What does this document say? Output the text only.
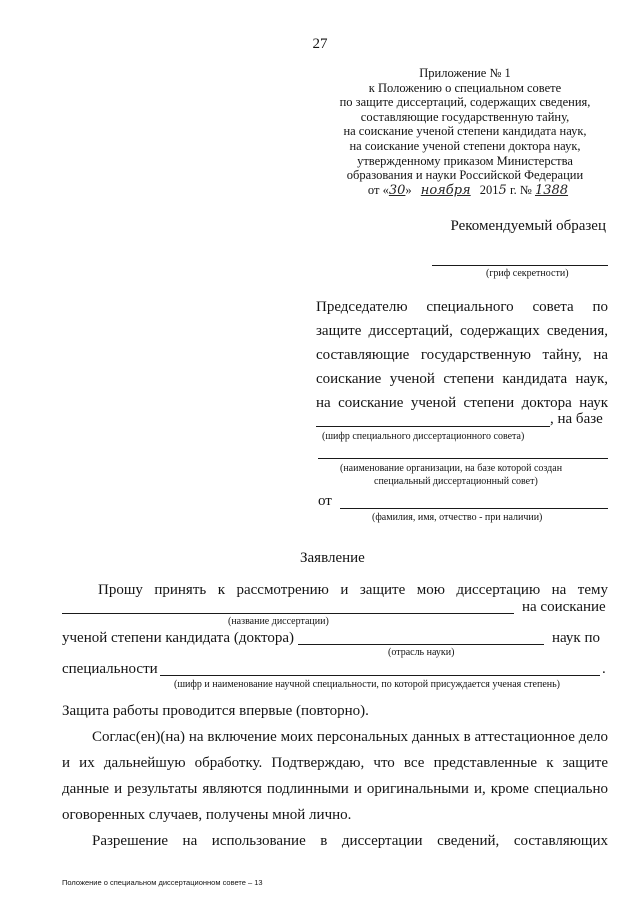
27
Приложение № 1
к Положению о специальном совете
по защите диссертаций, содержащих сведения,
составляющие государственную тайну,
на соискание ученой степени кандидата наук,
на соискание ученой степени доктора наук,
утвержденному приказом Министерства
образования и науки Российской Федерации
от «30» ноября 2015 г. № 1388
Рекомендуемый образец
(гриф секретности)
Председателю специального совета по
защите диссертаций, содержащих сведения,
составляющие государственную тайну, на
соискание ученой степени кандидата наук,
на соискание ученой степени доктора наук
, на базе
(шифр специального диссертационного совета)
(наименование организации, на базе которой создан
специальный диссертационный совет)
от
(фамилия, имя, отчество - при наличии)
Заявление
Прошу принять к рассмотрению и защите мою диссертацию на тему
на соискание
(название диссертации)
ученой степени кандидата (доктора)	наук по
(отрасль науки)
специальности	.
(шифр и наименование научной специальности, по которой присуждается ученая степень)
Защита работы проводится впервые (повторно).
Соглас(ен)(на) на включение моих персональных данных в аттестационное дело
и их дальнейшую обработку. Подтверждаю, что все представленные к защите
данные и результаты являются подлинными и оригинальными и, кроме специально
оговоренных случаев, получены мной лично.
Разрешение на использование в диссертации сведений, составляющих
Положение о специальном диссертационном совете – 13
